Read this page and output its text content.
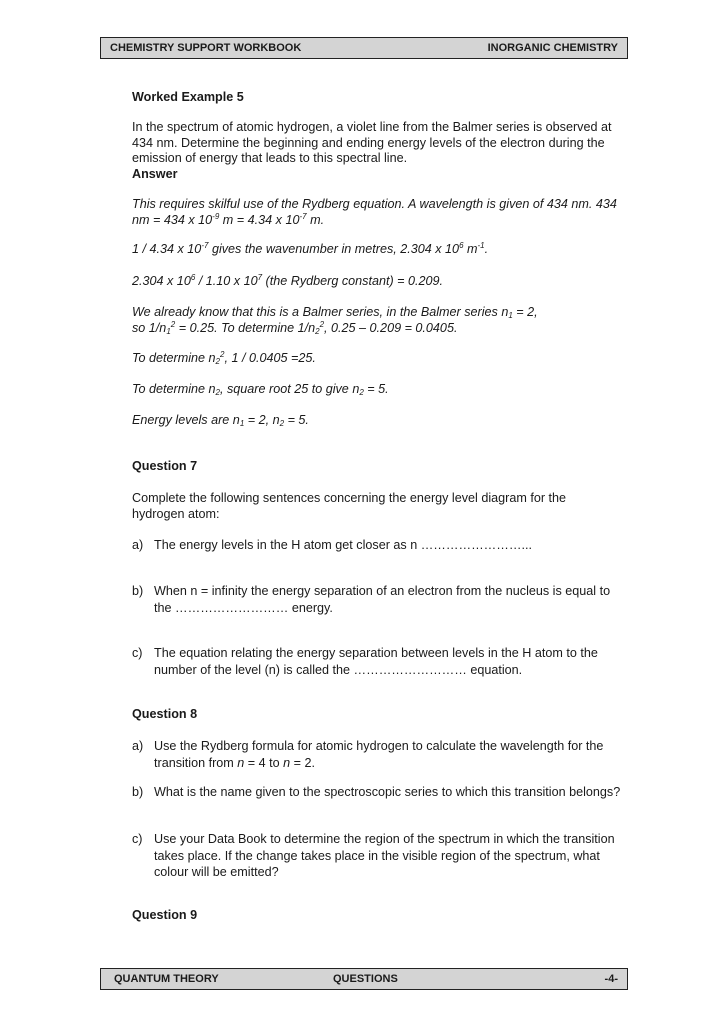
CHEMISTRY SUPPORT WORKBOOK	INORGANIC CHEMISTRY

Worked Example 5

In the spectrum of atomic hydrogen, a violet line from the Balmer series is observed at 434 nm. Determine the beginning and ending energy levels of the electron during the emission of energy that leads to this spectral line.
Answer

This requires skilful use of the Rydberg equation. A wavelength is given of 434 nm. 434 nm = 434 x $10^{-9}$ m = 4.34 x $10^{-7}$ m.

1 / 4.34 x $10^{-7}$ gives the wavenumber in metres, 2.304 x $10^6$ $m^{-1}$.

2.304 x $10^6 / 1.10$ x $10^7$ (the Rydberg constant) = 0.209.

We already know that this is a Balmer series, in the Balmer series $n_1 = 2$,
so $1/n_1^2 = 0.25$. To determine $1/n_2^2$, 0.25 – 0.209 = 0.0405.

To determine $n_2^2$, 1 / 0.0405 =25.

To determine $n_2$, square root 25 to give $n_2 = 5$.

Energy levels are $n_1 = 2$, $n_2 = 5$.

Question 7

Complete the following sentences concerning the energy level diagram for the hydrogen atom:

a) The energy levels in the H atom get closer as n ……………………...
b) When n = infinity the energy separation of an electron from the nucleus is equal to the ……………………… energy.
c) The equation relating the energy separation between levels in the H atom to the number of the level (n) is called the ……………………… equation.

Question 8

a) Use the Rydberg formula for atomic hydrogen to calculate the wavelength for the transition from n = 4 to n = 2.
b) What is the name given to the spectroscopic series to which this transition belongs?
c) Use your Data Book to determine the region of the spectrum in which the transition takes place. If the change takes place in the visible region of the spectrum, what colour will be emitted?

Question 9

QUANTUM THEORY	QUESTIONS	-4-
